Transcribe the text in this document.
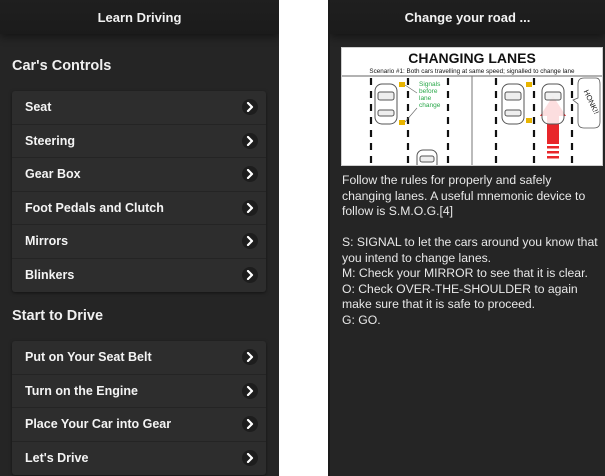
Learn Driving
Car's Controls
Seat
Steering
Gear Box
Foot Pedals and Clutch
Mirrors
Blinkers
Start to Drive
Put on Your Seat Belt
Turn on the Engine
Place Your Car into Gear
Let's Drive
Change your road ...
CHANGING LANES
Scenario #1: Both cars travelling at same speed; signalled to change lane
Signals
before
lane
change	HONK!!

Follow the rules for properly and safely changing lanes. A useful mnemonic device to follow is S.M.O.G.[4]

S: SIGNAL to let the cars around you know that you intend to change lanes.

M: Check your MIRROR to see that it is clear.

O: Check OVER-THE-SHOULDER to again make sure that it is safe to proceed.

G: GO.
